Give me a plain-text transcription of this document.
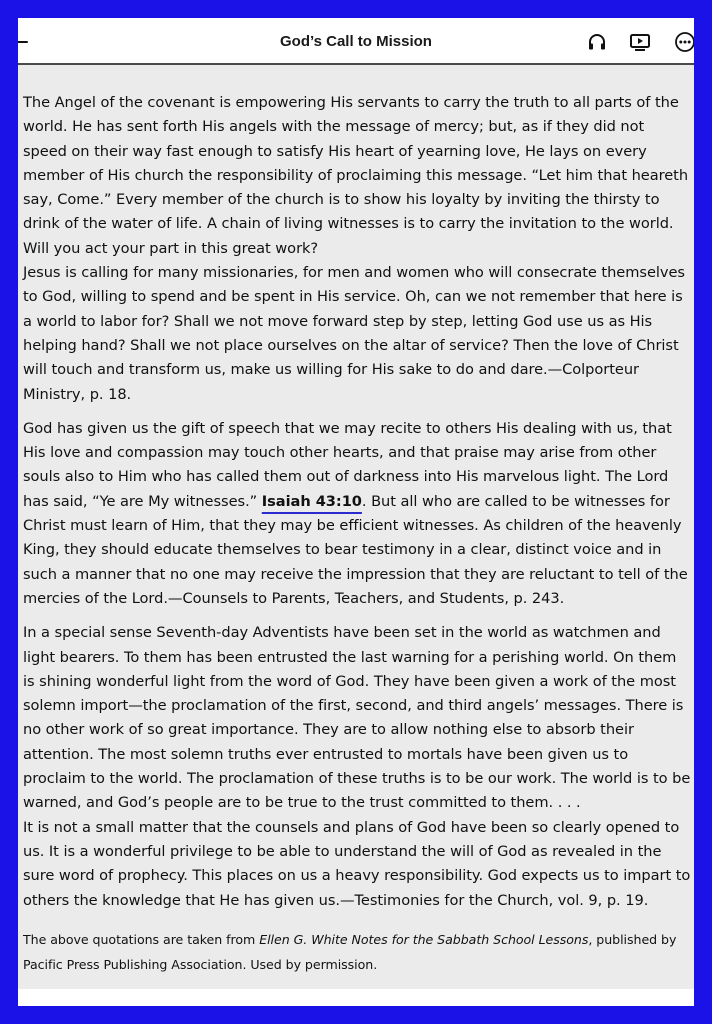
God’s Call to Mission

The Angel of the covenant is empowering His servants to carry the truth to all parts of the world. He has sent forth His angels with the message of mercy; but, as if they did not speed on their way fast enough to satisfy His heart of yearning love, He lays on every member of His church the responsibility of proclaiming this message. “Let him that heareth say, Come.” Every member of the church is to show his loyalty by inviting the thirsty to drink of the water of life. A chain of living witnesses is to carry the invitation to the world. Will you act your part in this great work?

Jesus is calling for many missionaries, for men and women who will consecrate themselves to God, willing to spend and be spent in His service. Oh, can we not remember that here is a world to labor for? Shall we not move forward step by step, letting God use us as His helping hand? Shall we not place ourselves on the altar of service? Then the love of Christ will touch and transform us, make us willing for His sake to do and dare.—Colporteur Ministry, p. 18.

God has given us the gift of speech that we may recite to others His dealing with us, that His love and compassion may touch other hearts, and that praise may arise from other souls also to Him who has called them out of darkness into His marvelous light. The Lord has said, “Ye are My witnesses.” Isaiah 43:10. But all who are called to be witnesses for Christ must learn of Him, that they may be efficient witnesses. As children of the heavenly King, they should educate themselves to bear testimony in a clear, distinct voice and in such a manner that no one may receive the impression that they are reluctant to tell of the mercies of the Lord.—Counsels to Parents, Teachers, and Students, p. 243.

In a special sense Seventh-day Adventists have been set in the world as watchmen and light bearers. To them has been entrusted the last warning for a perishing world. On them is shining wonderful light from the word of God. They have been given a work of the most solemn import—the proclamation of the first, second, and third angels’ messages. There is no other work of so great importance. They are to allow nothing else to absorb their attention. The most solemn truths ever entrusted to mortals have been given us to proclaim to the world. The proclamation of these truths is to be our work. The world is to be warned, and God’s people are to be true to the trust committed to them. . . .

It is not a small matter that the counsels and plans of God have been so clearly opened to us. It is a wonderful privilege to be able to understand the will of God as revealed in the sure word of prophecy. This places on us a heavy responsibility. God expects us to impart to others the knowledge that He has given us.—Testimonies for the Church, vol. 9, p. 19.

The above quotations are taken from Ellen G. White Notes for the Sabbath School Lessons, published by Pacific Press Publishing Association. Used by permission.
